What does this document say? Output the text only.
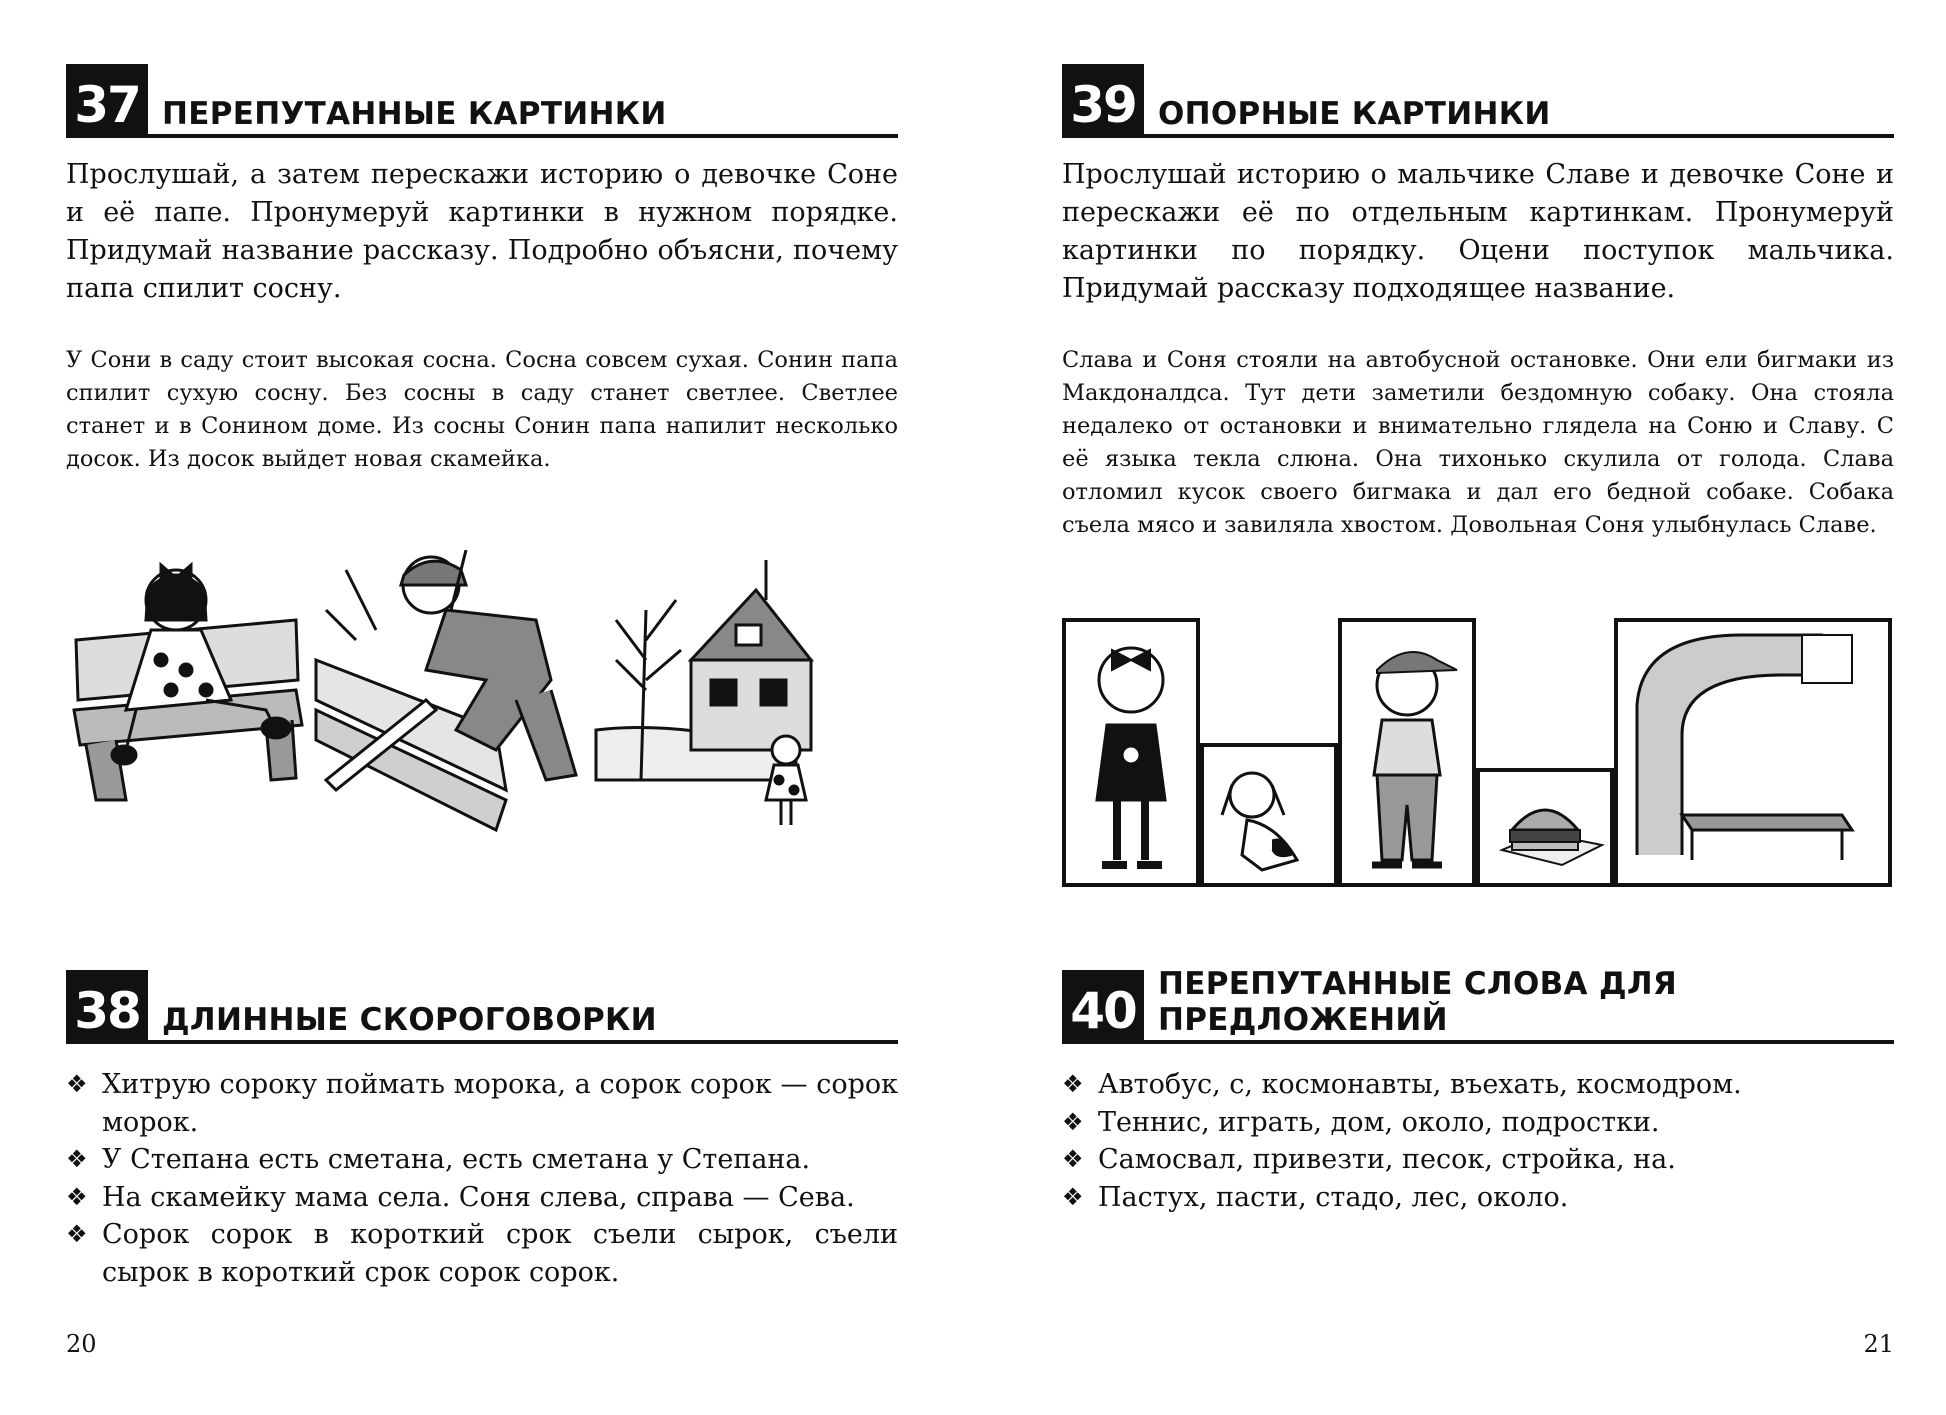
37 ПЕРЕПУТАННЫЕ КАРТИНКИ

Прослушай, а затем перескажи историю о девочке Соне и её папе. Пронумеруй картинки в нужном порядке. Придумай название рассказу. Подробно объясни, почему папа спилит сосну.

У Сони в саду стоит высокая сосна. Сосна совсем сухая. Сонин папа спилит сухую сосну. Без сосны в саду станет светлее. Светлее станет и в Сонином доме. Из сосны Сонин папа напилит несколько досок. Из досок выйдет новая скамейка.

38 ДЛИННЫЕ СКОРОГОВОРКИ
❖ Хитрую сороку поймать морока, а сорок сорок — сорок морок.
❖ У Степана есть сметана, есть сметана у Степана.
❖ На скамейку мама села. Соня слева, справа — Сева.
❖ Сорок сорок в короткий срок съели сырок, съели сырок в короткий срок сорок сорок.
20
39 ОПОРНЫЕ КАРТИНКИ

Прослушай историю о мальчике Славе и девочке Соне и перескажи её по отдельным картинкам. Пронумеруй картинки по порядку. Оцени поступок мальчика. Придумай рассказу подходящее название.

Слава и Соня стояли на автобусной остановке. Они ели бигмаки из Макдоналдса. Тут дети заметили бездомную собаку. Она стояла недалеко от остановки и внимательно глядела на Соню и Славу. С её языка текла слюна. Она тихонько скулила от голода. Слава отломил кусок своего бигмака и дал его бедной собаке. Собака съела мясо и завиляла хвостом. Довольная Соня улыбнулась Славе.

40 ПЕРЕПУТАННЫЕ СЛОВА ДЛЯ ПРЕДЛОЖЕНИЙ
❖ Автобус, с, космонавты, въехать, космодром.
❖ Теннис, играть, дом, около, подростки.
❖ Самосвал, привезти, песок, стройка, на.
❖ Пастух, пасти, стадо, лес, около.
21
